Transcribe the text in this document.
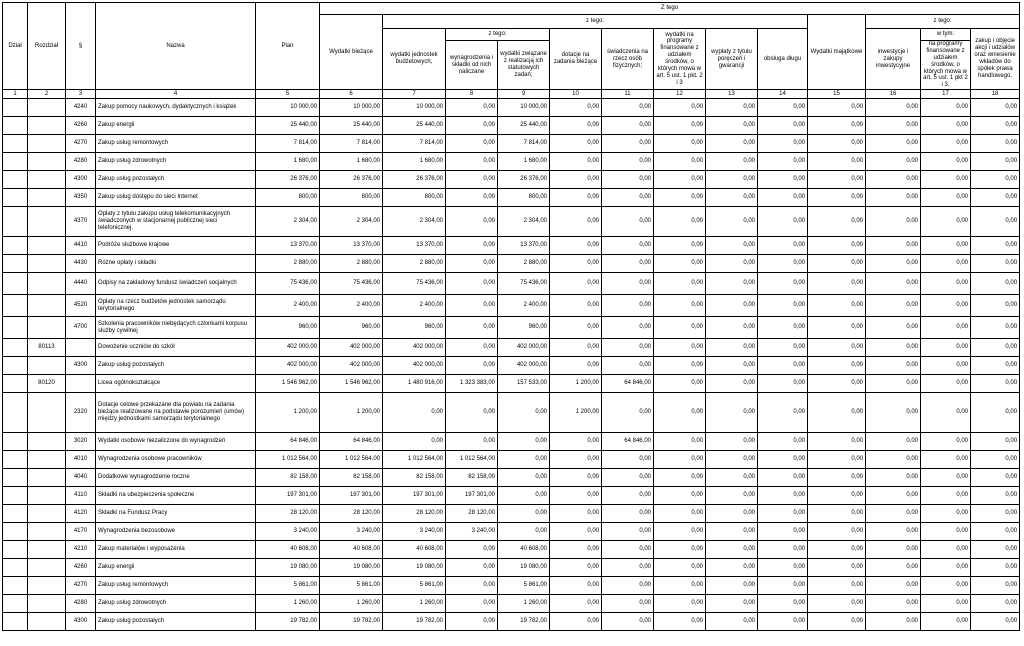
Dział	Rozdział	§	Nazwa	Plan	Z tego												
					Wydatki bieżące	z tego:								Wydatki majątkowe	z tego:		
						wydatki jednostek budżetowych,	z tego:		dotacje na zadania bieżące	świadczenia na rzecz osób fizycznych;	wydatki na programy finansowane z udziałem środków, o których mowa w art. 5 ust. 1 pkt. 2 i 3	wypłaty z tytułu poręczeń i gwarancji	obsługa długu		inwestycje i zakupy inwestycyjne	w tym:	zakup i objęcie akcji i udziałów oraz wniesienie wkładów do spółek prawa handlowego.
							wynagrodzenia i składki od nich naliczane	wydatki związane z realizacją ich statutowych zadań;								na programy finansowane z udziałem środków, o których mowa w art. 5 ust. 1 pkt 2 i 3,	

1	2	3	4	5	6	7	8	9	10	11	12	13	14	15	16	17	18
		4240	Zakup pomocy naukowych, dydaktycznych i książek	10 000,00	10 000,00	10 000,00	0,00	10 000,00	0,00	0,00	0,00	0,00	0,00	0,00	0,00	0,00	0,00
		4260	Zakup energii	25 440,00	25 440,00	25 440,00	0,00	25 440,00	0,00	0,00	0,00	0,00	0,00	0,00	0,00	0,00	0,00
		4270	Zakup usług remontowych	7 814,00	7 814,00	7 814,00	0,00	7 814,00	0,00	0,00	0,00	0,00	0,00	0,00	0,00	0,00	0,00
		4280	Zakup usług zdrowotnych	1 680,00	1 680,00	1 680,00	0,00	1 680,00	0,00	0,00	0,00	0,00	0,00	0,00	0,00	0,00	0,00
		4300	Zakup usług pozostałych	26 376,00	26 376,00	26 376,00	0,00	26 376,00	0,00	0,00	0,00	0,00	0,00	0,00	0,00	0,00	0,00
		4350	Zakup usług dostępu do sieci Internet	800,00	800,00	800,00	0,00	800,00	0,00	0,00	0,00	0,00	0,00	0,00	0,00	0,00	0,00
		4370	Opłaty z tytułu zakupu usług telekomunikacyjnych świadczonych w stacjonarnej publicznej sieci telefonicznej.	2 304,00	2 304,00	2 304,00	0,00	2 304,00	0,00	0,00	0,00	0,00	0,00	0,00	0,00	0,00	0,00
		4410	Podróże służbowe krajowe	13 370,00	13 370,00	13 370,00	0,00	13 370,00	0,00	0,00	0,00	0,00	0,00	0,00	0,00	0,00	0,00
		4430	Różne opłaty i składki	2 880,00	2 880,00	2 880,00	0,00	2 880,00	0,00	0,00	0,00	0,00	0,00	0,00	0,00	0,00	0,00
		4440	Odpisy na zakładowy fundusz świadczeń socjalnych	75 436,00	75 436,00	75 436,00	0,00	75 436,00	0,00	0,00	0,00	0,00	0,00	0,00	0,00	0,00	0,00
		4520	Opłaty na rzecz budżetów jednostek samorządu terytorialnego	2 400,00	2 400,00	2 400,00	0,00	2 400,00	0,00	0,00	0,00	0,00	0,00	0,00	0,00	0,00	0,00
		4700	Szkolenia pracowników niebędących członkami korpusu służby cywilnej	960,00	960,00	960,00	0,00	960,00	0,00	0,00	0,00	0,00	0,00	0,00	0,00	0,00	0,00
	80113		Dowożenie uczniów do szkół	402 000,00	402 000,00	402 000,00	0,00	402 000,00	0,00	0,00	0,00	0,00	0,00	0,00	0,00	0,00	0,00
		4300	Zakup usług pozostałych	402 000,00	402 000,00	402 000,00	0,00	402 000,00	0,00	0,00	0,00	0,00	0,00	0,00	0,00	0,00	0,00
	80120		Licea ogólnokształcące	1 546 962,00	1 546 962,00	1 480 916,00	1 323 383,00	157 533,00	1 200,00	64 846,00	0,00	0,00	0,00	0,00	0,00	0,00	0,00
		2320	Dotacje celowe przekazane dla powiatu na zadania bieżące realizowane na podstawie porozumień (umów) między jednostkami samorządu terytorialnego	1 200,00	1 200,00	0,00	0,00	0,00	1 200,00	0,00	0,00	0,00	0,00	0,00	0,00	0,00	0,00
		3020	Wydatki osobowe niezaliczone do wynagrodzeń	64 846,00	64 846,00	0,00	0,00	0,00	0,00	64 846,00	0,00	0,00	0,00	0,00	0,00	0,00	0,00
		4010	Wynagrodzenia osobowe pracowników	1 012 564,00	1 012 564,00	1 012 564,00	1 012 564,00	0,00	0,00	0,00	0,00	0,00	0,00	0,00	0,00	0,00	0,00
		4040	Dodatkowe wynagrodzenie roczne	82 158,00	82 158,00	82 158,00	82 158,00	0,00	0,00	0,00	0,00	0,00	0,00	0,00	0,00	0,00	0,00
		4110	Składki na ubezpieczenia społeczne	197 301,00	197 301,00	197 301,00	197 301,00	0,00	0,00	0,00	0,00	0,00	0,00	0,00	0,00	0,00	0,00
		4120	Składki na Fundusz Pracy	28 120,00	28 120,00	28 120,00	28 120,00	0,00	0,00	0,00	0,00	0,00	0,00	0,00	0,00	0,00	0,00
		4170	Wynagrodzenia bezosobowe	3 240,00	3 240,00	3 240,00	3 240,00	0,00	0,00	0,00	0,00	0,00	0,00	0,00	0,00	0,00	0,00
		4210	Zakup materiałów i wyposażenia	40 608,00	40 608,00	40 608,00	0,00	40 608,00	0,00	0,00	0,00	0,00	0,00	0,00	0,00	0,00	0,00
		4260	Zakup energii	19 080,00	19 080,00	19 080,00	0,00	19 080,00	0,00	0,00	0,00	0,00	0,00	0,00	0,00	0,00	0,00
		4270	Zakup usług remontowych	5 861,00	5 861,00	5 861,00	0,00	5 861,00	0,00	0,00	0,00	0,00	0,00	0,00	0,00	0,00	0,00
		4280	Zakup usług zdrowotnych	1 260,00	1 260,00	1 260,00	0,00	1 260,00	0,00	0,00	0,00	0,00	0,00	0,00	0,00	0,00	0,00
		4300	Zakup usług pozostałych	19 782,00	19 782,00	19 782,00	0,00	19 782,00	0,00	0,00	0,00	0,00	0,00	0,00	0,00	0,00	0,00
